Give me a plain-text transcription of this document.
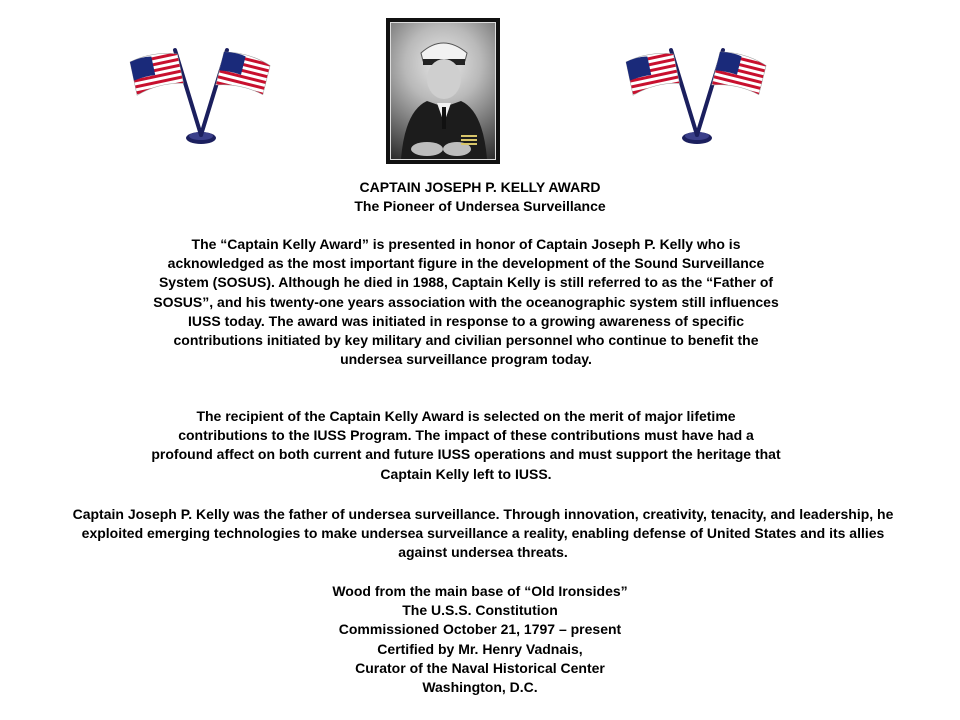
CAPTAIN JOSEPH P. KELLY AWARD
The Pioneer of Undersea Surveillance
The “Captain Kelly Award” is presented in honor of Captain Joseph P. Kelly who is acknowledged as the most important figure in the development of the Sound Surveillance System (SOSUS). Although he died in 1988, Captain Kelly is still referred to as the “Father of SOSUS”, and his twenty-one years association with the oceanographic system still influences IUSS today. The award was initiated in response to a growing awareness of specific contributions initiated by key military and civilian personnel who continue to benefit the undersea surveillance program today.
The recipient of the Captain Kelly Award is selected on the merit of major lifetime contributions to the IUSS Program. The impact of these contributions must have had a profound affect on both current and future IUSS operations and must support the heritage that Captain Kelly left to IUSS.
Captain Joseph P. Kelly was the father of undersea surveillance. Through innovation, creativity, tenacity, and leadership, he exploited emerging technologies to make undersea surveillance a reality, enabling defense of United States and its allies against undersea threats.
Wood from the main base of “Old Ironsides”
The U.S.S. Constitution
Commissioned October 21, 1797 – present
Certified by Mr. Henry Vadnais,
Curator of the Naval Historical Center
Washington, D.C.
